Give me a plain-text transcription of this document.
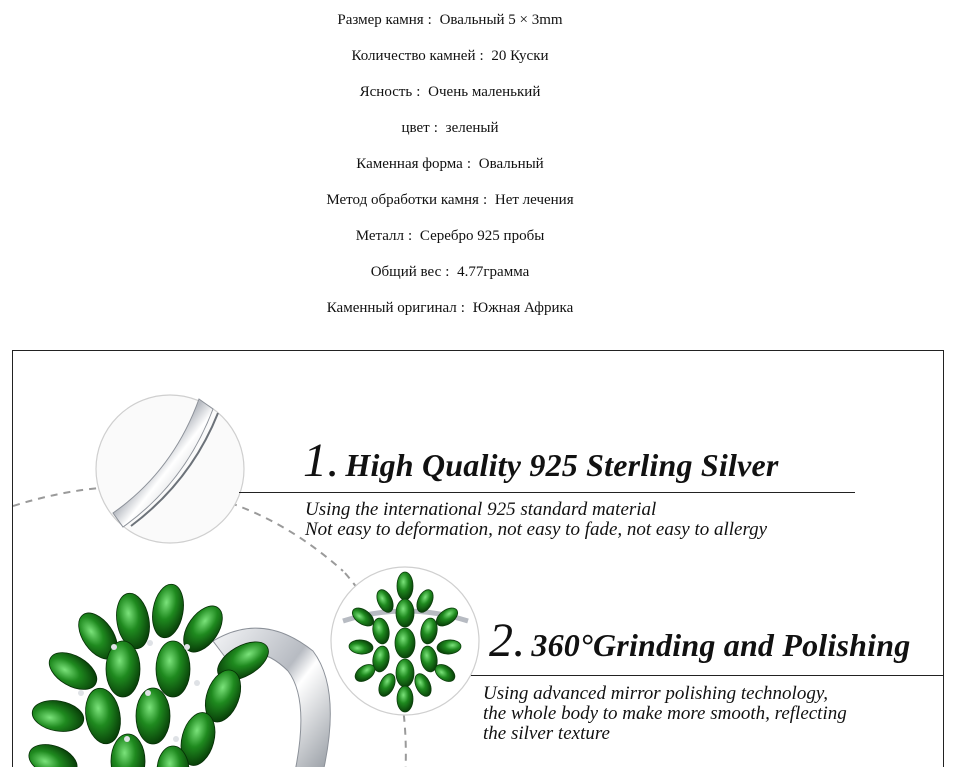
Размер камня : Овальный 5 × 3mm
Количество камней : 20 Куски
Ясность : Очень маленький
цвет : зеленый
Каменная форма : Овальный
Метод обработки камня : Нет лечения
Металл : Серебро 925 пробы
Общий вес : 4.77грамма
Каменный оригинал : Южная Африка
1. High Quality 925 Sterling Silver
Using the international 925 standard material
Not easy to deformation, not easy to fade, not easy to allergy
2. 360°Grinding and Polishing
Using advanced mirror polishing technology,
the whole body to make more smooth, reflecting
the silver texture
